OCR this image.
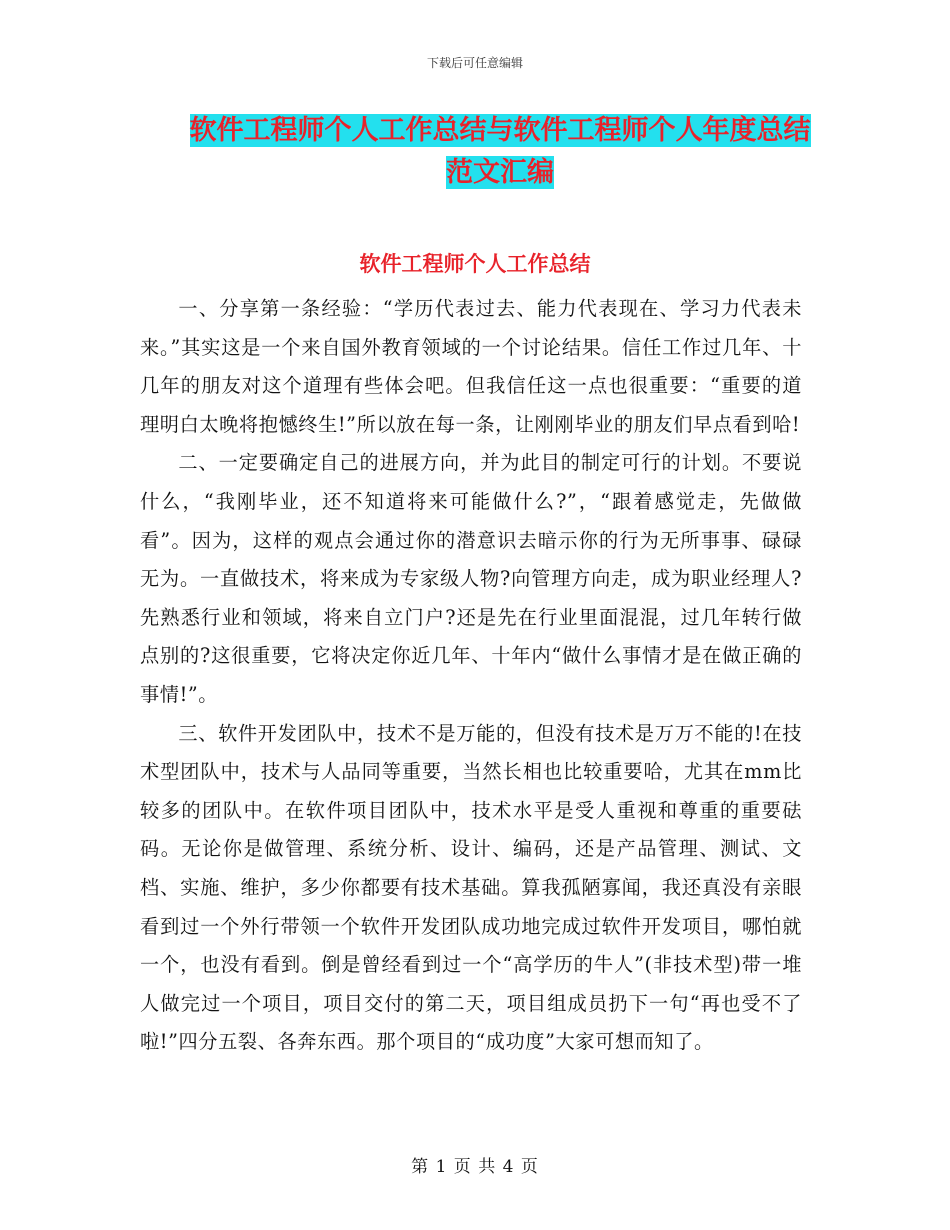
下载后可任意编辑
软件工程师个人工作总结与软件工程师个人年度总结
范文汇编
软件工程师个人工作总结

一、分享第一条经验：“学历代表过去、能力代表现在、学习力代表未来。”其实这是一个来自国外教育领域的一个讨论结果。信任工作过几年、十几年的朋友对这个道理有些体会吧。但我信任这一点也很重要：“重要的道理明白太晚将抱憾终生!”所以放在每一条，让刚刚毕业的朋友们早点看到哈!

二、一定要确定自己的进展方向，并为此目的制定可行的计划。不要说什么，“我刚毕业，还不知道将来可能做什么?”，“跟着感觉走，先做做看”。因为，这样的观点会通过你的潜意识去暗示你的行为无所事事、碌碌无为。一直做技术，将来成为专家级人物?向管理方向走，成为职业经理人?先熟悉行业和领域，将来自立门户?还是先在行业里面混混，过几年转行做点别的?这很重要，它将决定你近几年、十年内“做什么事情才是在做正确的事情!”。

三、软件开发团队中，技术不是万能的，但没有技术是万万不能的!在技术型团队中，技术与人品同等重要，当然长相也比较重要哈，尤其在mm比较多的团队中。在软件项目团队中，技术水平是受人重视和尊重的重要砝码。无论你是做管理、系统分析、设计、编码，还是产品管理、测试、文档、实施、维护，多少你都要有技术基础。算我孤陋寡闻，我还真没有亲眼看到过一个外行带领一个软件开发团队成功地完成过软件开发项目，哪怕就一个，也没有看到。倒是曾经看到过一个“高学历的牛人”(非技术型)带一堆人做完过一个项目，项目交付的第二天，项目组成员扔下一句“再也受不了啦!”四分五裂、各奔东西。那个项目的“成功度”大家可想而知了。

第 1 页 共 4 页
